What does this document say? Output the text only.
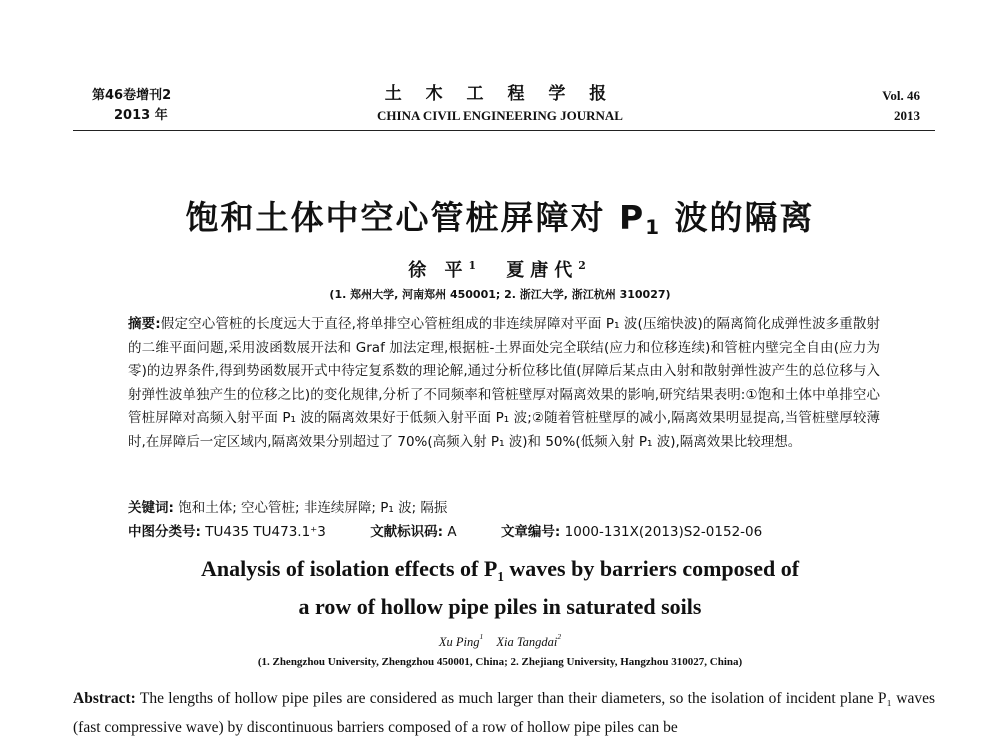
第46卷增刊2
2013 年
土 木 工 程 学 报
CHINA CIVIL ENGINEERING JOURNAL
Vol. 46
2013
饱和土体中空心管桩屏障对 $P_1$ 波的隔离
徐 平$^1$ 夏唐代$^2$
(1. 郑州大学, 河南郑州 450001; 2. 浙江大学, 浙江杭州 310027)
摘要:假定空心管桩的长度远大于直径,将单排空心管桩组成的非连续屏障对平面 P₁ 波(压缩快波)的隔离简化成弹性波多重散射的二维平面问题,采用波函数展开法和 Graf 加法定理,根据桩-土界面处完全联结(应力和位移连续)和管桩内壁完全自由(应力为零)的边界条件,得到势函数展开式中待定复系数的理论解,通过分析位移比值(屏障后某点由入射和散射弹性波产生的总位移与入射弹性波单独产生的位移之比)的变化规律,分析了不同频率和管桩壁厚对隔离效果的影响,研究结果表明:①饱和土体中单排空心管桩屏障对高频入射平面 P₁ 波的隔离效果好于低频入射平面 P₁ 波;②随着管桩壁厚的减小,隔离效果明显提高,当管桩壁厚较薄时,在屏障后一定区域内,隔离效果分别超过了 70%(高频入射 P₁ 波)和 50%(低频入射 P₁ 波),隔离效果比较理想。
关键词: 饱和土体; 空心管桩; 非连续屏障; P₁ 波; 隔振
中图分类号: TU435 TU473.1⁺3	文献标识码: A	文章编号: 1000-131X(2013)S2-0152-06
Analysis of isolation effects of $P_1$ waves by barriers composed of
a row of hollow pipe piles in saturated soils
Xu Ping$^1$ Xia Tangdai$^2$
(1. Zhengzhou University, Zhengzhou 450001, China; 2. Zhejiang University, Hangzhou 310027, China)
Abstract: The lengths of hollow pipe piles are considered as much larger than their diameters, so the isolation of incident plane P₁ waves (fast compressive wave) by discontinuous barriers composed of a row of hollow pipe piles can be
